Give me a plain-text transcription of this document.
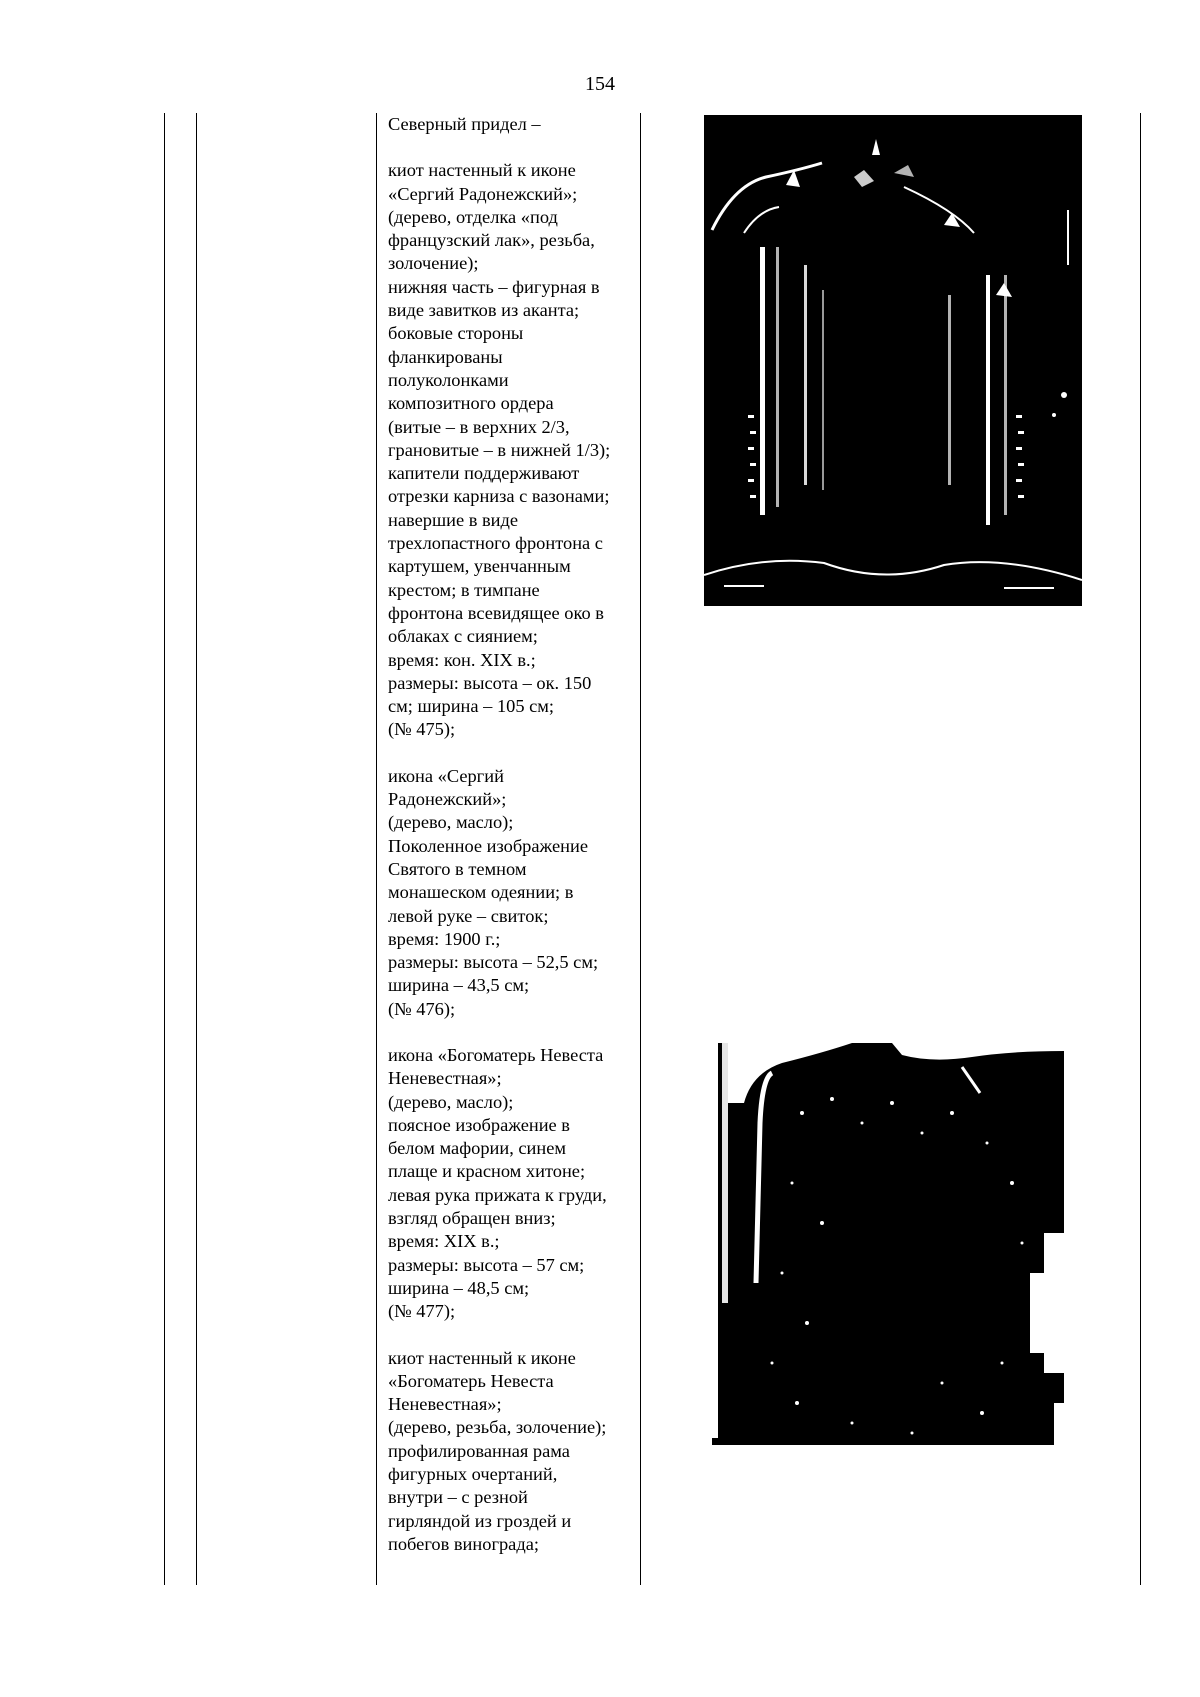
154
Северный придел –
киот настенный к иконе
«Сергий Радонежский»;
(дерево, отделка «под
французский лак», резьба,
золочение);
нижняя часть – фигурная в
виде завитков из аканта;
боковые стороны
фланкированы
полуколонками
композитного ордера
(витые – в верхних 2/3,
грановитые – в нижней 1/3);
капители поддерживают
отрезки карниза с вазонами;
навершие в виде
трехлопастного фронтона с
картушем, увенчанным
крестом; в тимпане
фронтона всевидящее око в
облаках с сиянием;
время: кон. XIX в.;
размеры: высота – ок. 150
см; ширина – 105 см;
(№ 475);
икона «Сергий
Радонежский»;
(дерево, масло);
Поколенное изображение
Святого в темном
монашеском одеянии; в
левой руке – свиток;
время: 1900 г.;
размеры: высота – 52,5 см;
ширина – 43,5 см;
(№ 476);
икона «Богоматерь Невеста
Неневестная»;
(дерево, масло);
поясное изображение в
белом мафории, синем
плаще и красном хитоне;
левая рука прижата к груди,
взгляд обращен вниз;
время: XIX в.;
размеры: высота – 57 см;
ширина – 48,5 см;
(№ 477);
киот настенный к иконе
«Богоматерь Невеста
Неневестная»;
(дерево, резьба, золочение);
профилированная рама
фигурных очертаний,
внутри – с резной
гирляндой из гроздей и
побегов винограда;
